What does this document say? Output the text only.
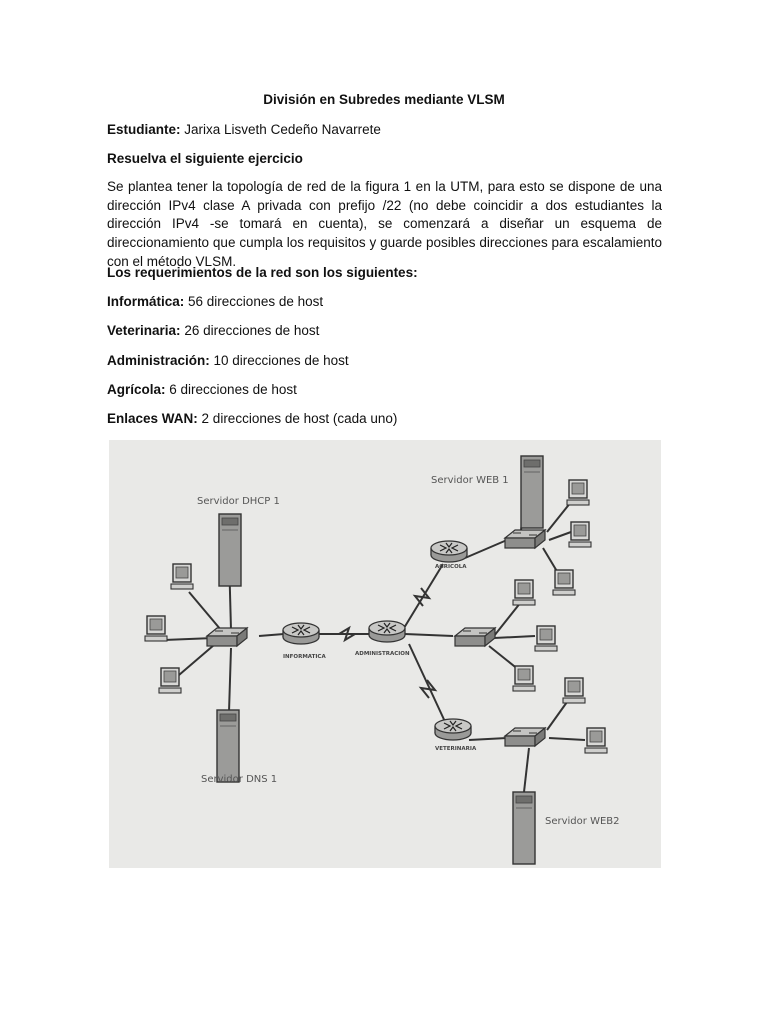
División en Subredes mediante VLSM
Estudiante: Jarixa Lisveth Cedeño Navarrete
Resuelva el siguiente ejercicio
Se plantea tener la topología de red de la figura 1 en la UTM, para esto se dispone de una dirección IPv4 clase A privada con prefijo /22 (no debe coincidir a dos estudiantes la dirección IPv4 -se tomará en cuenta), se comenzará a diseñar un esquema de direccionamiento que cumpla los requisitos y guarde posibles direcciones para escalamiento con el método VLSM.
Los requerimientos de la red son los siguientes:
Informática: 56 direcciones de host
Veterinaria: 26 direcciones de host
Administración: 10 direcciones de host
Agrícola: 6 direcciones de host
Enlaces WAN: 2 direcciones de host (cada uno)
Servidor DHCP 1
Servidor WEB 1
Servidor DNS 1
Servidor WEB2
INFORMATICA	ADMINISTRACION
AGRICOLA
VETERINARIA
